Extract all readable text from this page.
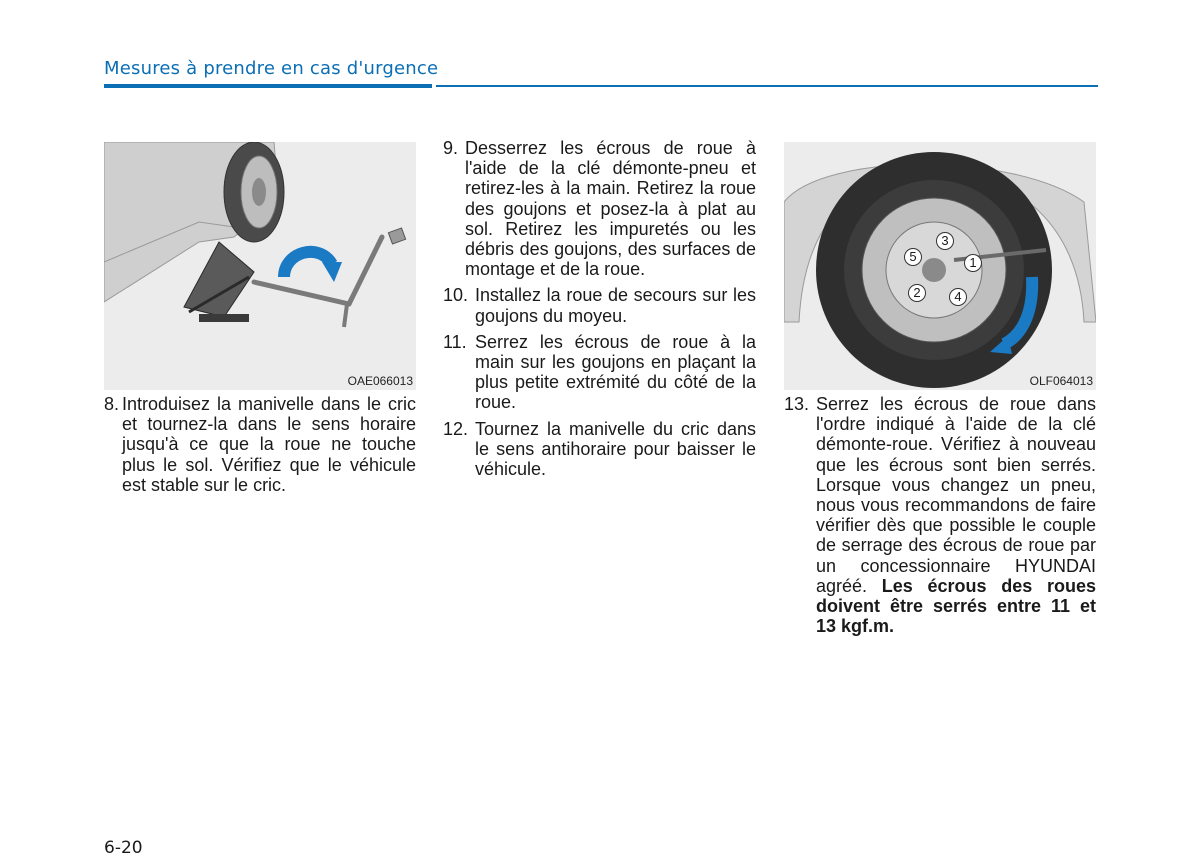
Mesures à prendre en cas d'urgence
OAE066013
1
2
3
4
5
OLF064013
8. Introduisez la manivelle dans le cric et tournez-la dans le sens horaire jusqu'à ce que la roue ne touche plus le sol. Vérifiez que le véhicule est stable sur le cric.
9. Desserrez les écrous de roue à l'aide de la clé démonte-pneu et retirez-les à la main. Retirez la roue des goujons et posez-la à plat au sol. Retirez les impuretés ou les débris des goujons, des surfaces de montage et de la roue.
10. Installez la roue de secours sur les goujons du moyeu.
11. Serrez les écrous de roue à la main sur les goujons en plaçant la plus petite extrémité du côté de la roue.
12. Tournez la manivelle du cric dans le sens antihoraire pour baisser le véhicule.
13. Serrez les écrous de roue dans l'ordre indiqué à l'aide de la clé démonte-roue. Vérifiez à nouveau que les écrous sont bien serrés. Lorsque vous changez un pneu, nous vous recommandons de faire vérifier dès que possible le couple de serrage des écrous de roue par un concessionnaire HYUNDAI agréé. Les écrous des roues doivent être serrés entre 11 et 13 kgf.m.
6-20
